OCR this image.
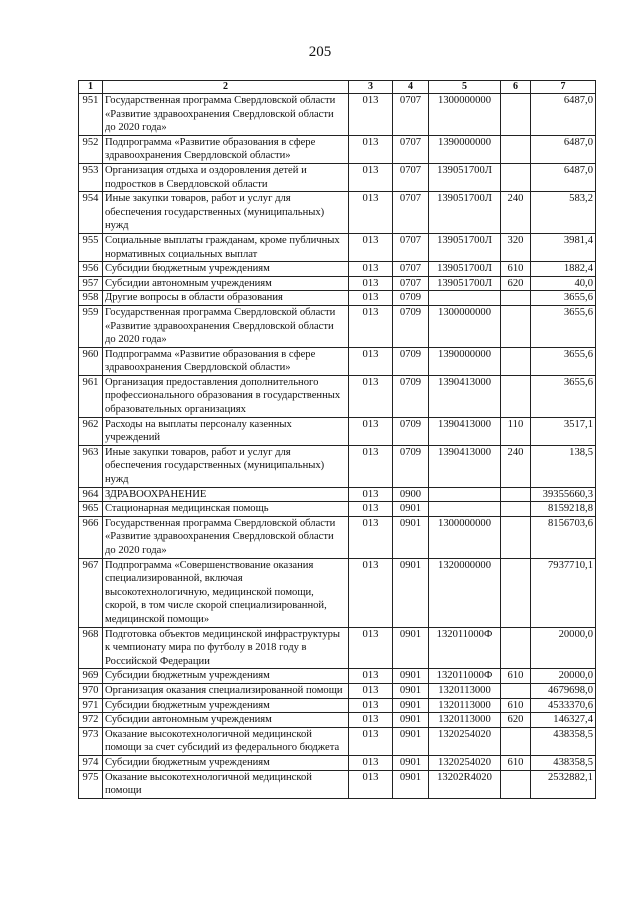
205
1	2	3	4	5	6	7
951	Государственная программа Свердловской области «Развитие здравоохранения Свердловской области до 2020 года»	013	0707	1300000000		6487,0
952	Подпрограмма «Развитие образования в сфере здравоохранения Свердловской области»	013	0707	1390000000		6487,0
953	Организация отдыха и оздоровления детей и подростков в Свердловской области	013	0707	139051700Л		6487,0
954	Иные закупки товаров, работ и услуг для обеспечения государственных (муниципальных) нужд	013	0707	139051700Л	240	583,2
955	Социальные выплаты гражданам, кроме публичных нормативных социальных выплат	013	0707	139051700Л	320	3981,4
956	Субсидии бюджетным учреждениям	013	0707	139051700Л	610	1882,4
957	Субсидии автономным учреждениям	013	0707	139051700Л	620	40,0
958	Другие вопросы в области образования	013	0709			3655,6
959	Государственная программа Свердловской области «Развитие здравоохранения Свердловской области до 2020 года»	013	0709	1300000000		3655,6
960	Подпрограмма «Развитие образования в сфере здравоохранения Свердловской области»	013	0709	1390000000		3655,6
961	Организация предоставления дополнительного профессионального образования в государственных образовательных организациях	013	0709	1390413000		3655,6
962	Расходы на выплаты персоналу казенных учреждений	013	0709	1390413000	110	3517,1
963	Иные закупки товаров, работ и услуг для обеспечения государственных (муниципальных) нужд	013	0709	1390413000	240	138,5
964	ЗДРАВООХРАНЕНИЕ	013	0900			39355660,3
965	Стационарная медицинская помощь	013	0901			8159218,8
966	Государственная программа Свердловской области «Развитие здравоохранения Свердловской области до 2020 года»	013	0901	1300000000		8156703,6
967	Подпрограмма «Совершенствование оказания специализированной, включая высокотехнологичную, медицинской помощи, скорой, в том числе скорой специализированной, медицинской помощи»	013	0901	1320000000		7937710,1
968	Подготовка объектов медицинской инфраструктуры к чемпионату мира по футболу в 2018 году в Российской Федерации	013	0901	132011000Ф		20000,0
969	Субсидии бюджетным учреждениям	013	0901	132011000Ф	610	20000,0
970	Организация оказания специализированной помощи	013	0901	1320113000		4679698,0
971	Субсидии бюджетным учреждениям	013	0901	1320113000	610	4533370,6
972	Субсидии автономным учреждениям	013	0901	1320113000	620	146327,4
973	Оказание высокотехнологичной медицинской помощи за счет субсидий из федерального бюджета	013	0901	1320254020		438358,5
974	Субсидии бюджетным учреждениям	013	0901	1320254020	610	438358,5
975	Оказание высокотехнологичной медицинской помощи	013	0901	13202R4020		2532882,1
